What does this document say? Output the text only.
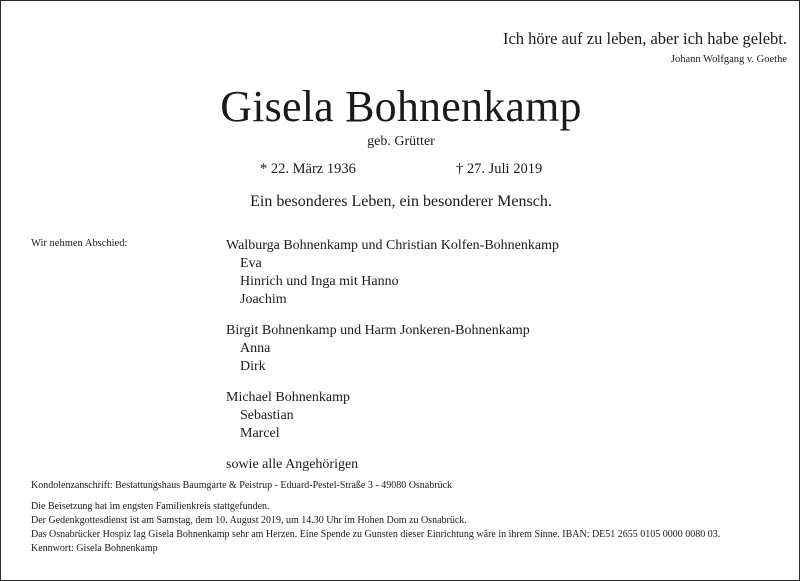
Ich höre auf zu leben, aber ich habe gelebt.
Johann Wolfgang v. Goethe
Gisela Bohnenkamp
geb. Grütter
* 22. März 1936	† 27. Juli 2019
Ein besonderes Leben, ein besonderer Mensch.
Wir nehmen Abschied:	Walburga Bohnenkamp und Christian Kolfen-Bohnenkamp
Eva
Hinrich und Inga mit Hanno
Joachim
Birgit Bohnenkamp und Harm Jonkeren-Bohnenkamp
Anna
Dirk
Michael Bohnenkamp
Sebastian
Marcel
sowie alle Angehörigen
Kondolenzanschrift: Bestattungshaus Baumgarte & Peistrup - Eduard-Pestel-Straße 3 - 49080 Osnabrück
Die Beisetzung hat im engsten Familienkreis stattgefunden.
Der Gedenkgottesdienst ist am Samstag, dem 10. August 2019, um 14.30 Uhr im Hohen Dom zu Osnabrück.
Das Osnabrücker Hospiz lag Gisela Bohnenkamp sehr am Herzen. Eine Spende zu Gunsten dieser Einrichtung wäre in ihrem Sinne. IBAN: DE51 2655 0105 0000 0080 03.
Kennwort: Gisela Bohnenkamp
